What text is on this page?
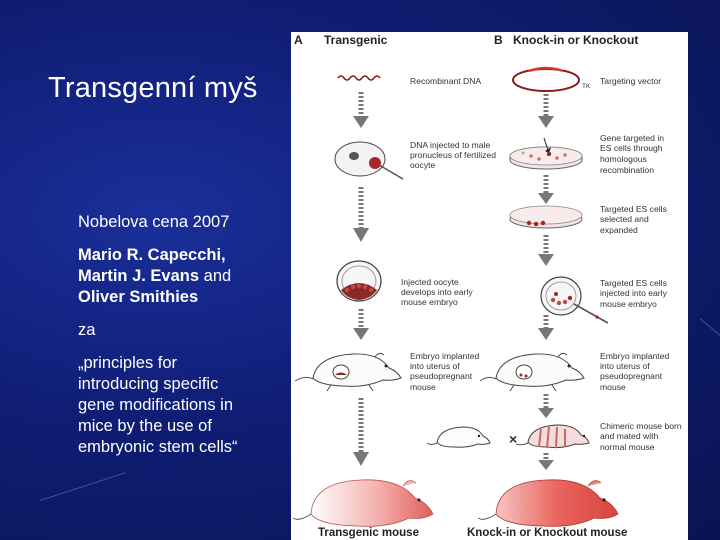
Transgenní myš
Nobelova cena 2007
Mario R. Capecchi,
Martin J. Evans and
Oliver Smithies
za
„principles for
introducing specific
gene modifications in
mice by the use of
embryonic stem cells“
A Transgenic	B Knock-in or Knockout
Recombinant DNA
DNA injected to male
pronucleus of fertilized
oocyte
Injected oocyte
develops into early
mouse embryo
Embryo implanted
into uterus of
pseudopregnant
mouse
Transgenic mouse
TK
Targeting vector
Gene targeted in
ES cells through
homologous
recombination
Targeted ES cells
selected and
expanded
Targeted ES cells
injected into early
mouse embryo
Embryo implanted
into uterus of
pseudopregnant
mouse
×
Chimeric mouse born
and mated with
normal mouse
Knock-in or Knockout mouse
